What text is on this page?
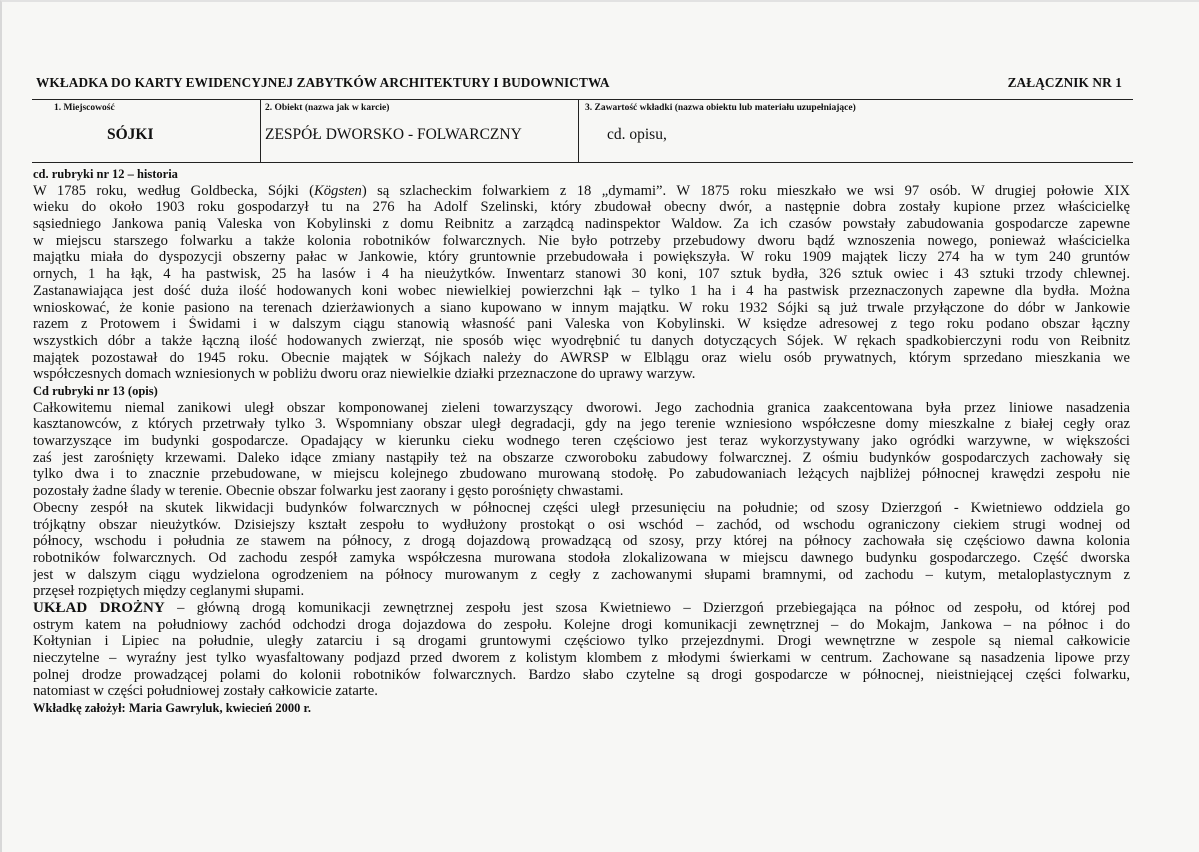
WKŁADKA DO KARTY EWIDENCYJNEJ ZABYTKÓW ARCHITEKTURY I BUDOWNICTWA	ZAŁĄCZNIK NR 1
1. Miejscowość
SÓJKI
2. Obiekt (nazwa jak w karcie)
ZESPÓŁ DWORSKO - FOLWARCZNY
3. Zawartość wkładki (nazwa obiektu lub materiału uzupełniające)
cd. opisu,
cd. rubryki nr 12 – historia
W 1785 roku, według Goldbecka, Sójki (Kögsten) są szlacheckim folwarkiem z 18 „dymami”. W 1875 roku mieszkało we wsi 97 osób. W drugiej połowie XIX
wieku do około 1903 roku gospodarzył tu na 276 ha Adolf Szelinski, który zbudował obecny dwór, a następnie dobra zostały kupione przez właścicielkę
sąsiedniego Jankowa panią Valeska von Kobylinski z domu Reibnitz a zarządcą nadinspektor Waldow. Za ich czasów powstały zabudowania gospodarcze zapewne
w miejscu starszego folwarku a także kolonia robotników folwarcznych. Nie było potrzeby przebudowy dworu bądź wznoszenia nowego, ponieważ właścicielka
majątku miała do dyspozycji obszerny pałac w Jankowie, który gruntownie przebudowała i powiększyła. W roku 1909 majątek liczy 274 ha w tym 240 gruntów
ornych, 1 ha łąk, 4 ha pastwisk, 25 ha lasów i 4 ha nieużytków. Inwentarz stanowi 30 koni, 107 sztuk bydła, 326 sztuk owiec i 43 sztuki trzody chlewnej.
Zastanawiająca jest dość duża ilość hodowanych koni wobec niewielkiej powierzchni łąk – tylko 1 ha i 4 ha pastwisk przeznaczonych zapewne dla bydła. Można
wnioskować, że konie pasiono na terenach dzierżawionych a siano kupowano w innym majątku. W roku 1932 Sójki są już trwale przyłączone do dóbr w Jankowie
razem z Protowem i Świdami i w dalszym ciągu stanowią własność pani Valeska von Kobylinski. W księdze adresowej z tego roku podano obszar łączny
wszystkich dóbr a także łączną ilość hodowanych zwierząt, nie sposób więc wyodrębnić tu danych dotyczących Sójek. W rękach spadkobierczyni rodu von Reibnitz
majątek pozostawał do 1945 roku. Obecnie majątek w Sójkach należy do AWRSP w Elblągu oraz wielu osób prywatnych, którym sprzedano mieszkania we
współczesnych domach wzniesionych w pobliżu dworu oraz niewielkie działki przeznaczone do uprawy warzyw.
Cd rubryki nr 13 (opis)
Całkowitemu niemal zanikowi uległ obszar komponowanej zieleni towarzyszący dworowi. Jego zachodnia granica zaakcentowana była przez liniowe nasadzenia
kasztanowców, z których przetrwały tylko 3. Wspomniany obszar uległ degradacji, gdy na jego terenie wzniesiono współczesne domy mieszkalne z białej cegły oraz
towarzyszące im budynki gospodarcze. Opadający w kierunku cieku wodnego teren częściowo jest teraz wykorzystywany jako ogródki warzywne, w większości
zaś jest zarośnięty krzewami. Daleko idące zmiany nastąpiły też na obszarze czworoboku zabudowy folwarcznej. Z ośmiu budynków gospodarczych zachowały się
tylko dwa i to znacznie przebudowane, w miejscu kolejnego zbudowano murowaną stodołę. Po zabudowaniach leżących najbliżej północnej krawędzi zespołu nie
pozostały żadne ślady w terenie. Obecnie obszar folwarku jest zaorany i gęsto porośnięty chwastami.
Obecny zespół na skutek likwidacji budynków folwarcznych w północnej części uległ przesunięciu na południe; od szosy Dzierzgoń - Kwietniewo oddziela go
trójkątny obszar nieużytków. Dzisiejszy kształt zespołu to wydłużony prostokąt o osi wschód – zachód, od wschodu ograniczony ciekiem strugi wodnej od
północy, wschodu i południa ze stawem na północy, z drogą dojazdową prowadzącą od szosy, przy której na północy zachowała się częściowo dawna kolonia
robotników folwarcznych. Od zachodu zespół zamyka współczesna murowana stodoła zlokalizowana w miejscu dawnego budynku gospodarczego. Część dworska
jest w dalszym ciągu wydzielona ogrodzeniem na północy murowanym z cegły z zachowanymi słupami bramnymi, od zachodu – kutym, metaloplastycznym z
przęseł rozpiętych między ceglanymi słupami.
UKŁAD DROŻNY – główną drogą komunikacji zewnętrznej zespołu jest szosa Kwietniewo – Dzierzgoń przebiegająca na północ od zespołu, od której pod
ostrym katem na południowy zachód odchodzi droga dojazdowa do zespołu. Kolejne drogi komunikacji zewnętrznej – do Mokajm, Jankowa – na północ i do
Kołtynian i Lipiec na południe, uległy zatarciu i są drogami gruntowymi częściowo tylko przejezdnymi. Drogi wewnętrzne w zespole są niemal całkowicie
nieczytelne – wyraźny jest tylko wyasfaltowany podjazd przed dworem z kolistym klombem z młodymi świerkami w centrum. Zachowane są nasadzenia lipowe przy
polnej drodze prowadzącej polami do kolonii robotników folwarcznych. Bardzo słabo czytelne są drogi gospodarcze w północnej, nieistniejącej części folwarku,
natomiast w części południowej zostały całkowicie zatarte.
Wkładkę założył: Maria Gawryluk, kwiecień 2000 r.
